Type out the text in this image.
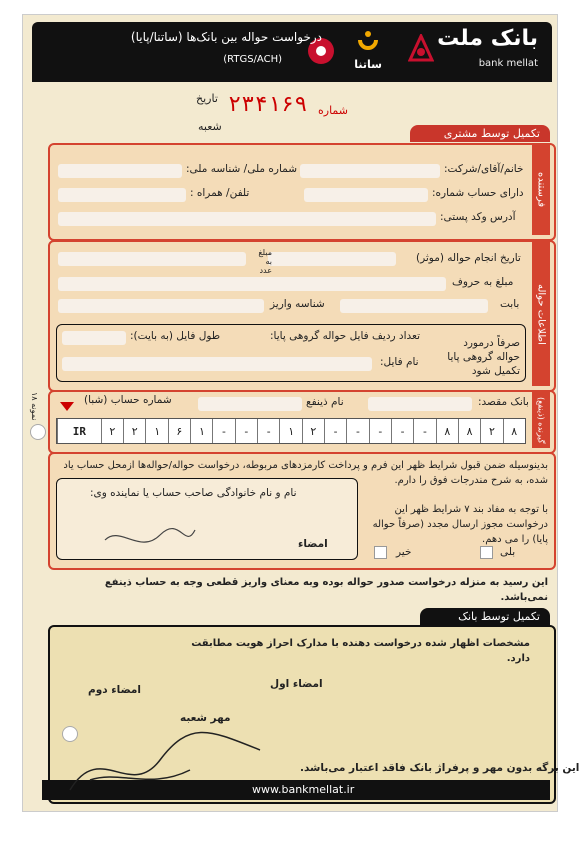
بانک ملت
bank mellat
ساتنا
درخواست حواله بین بانک‌ها (ساتنا/پایا)
(RTGS/ACH)
تاریخ
شعبه
شماره
۲۳۴۱۶۹
تکمیل توسط مشتری
فرستنده
خانم/آقای/شرکت:
شماره ملی/ شناسه ملی:
دارای حساب شماره:
تلفن/ همراه :
آدرس وکد پستی:
اطلاعات حواله
تاریخ انجام حواله (موثر)
مبلغ به عدد
مبلغ به حروف
بابت
شناسه واریز
صرفاً درمورد حواله گروهی پایا تکمیل شود
تعداد ردیف فایل حواله گروهی پایا:
طول فایل (به بایت):
نام فایل:
گیرنده (ذینفع)
بانک مقصد:
نام ذینفع
شماره حساب (شبا)
IR	۲	۲	۱	۶	۱	-	-	-	۱	۲	-	-	-	-	-	۸	۸	۲	۸
نمونه ۱۸
بدینوسیله ضمن قبول شرایط ظهر این فرم و پرداخت کارمزدهای مربوطه، درخواست حواله/حواله‌ها ازمحل حساب یاد شده، به شرح مندرجات فوق را دارم.
با توجه به مفاد بند ۷ شرایط ظهر این درخواست مجوز ارسال مجدد (صرفاً حواله پایا) را می دهم.
بلی
خیر
نام و نام خانوادگی صاحب حساب یا نماینده وی:
امضاء
این رسید به منزله درخواست صدور حواله بوده وبه معنای واریز قطعی وجه به حساب ذینفع نمی‌باشد.
تکمیل توسط بانک
مشخصات اظهار شده درخواست دهنده با مدارک احراز هویت مطابقت دارد.
امضاء اول
امضاء دوم
مهر شعبه
این برگه بدون مهر و پرفراژ بانک فاقد اعتبار می‌باشد.
www.bankmellat.ir
